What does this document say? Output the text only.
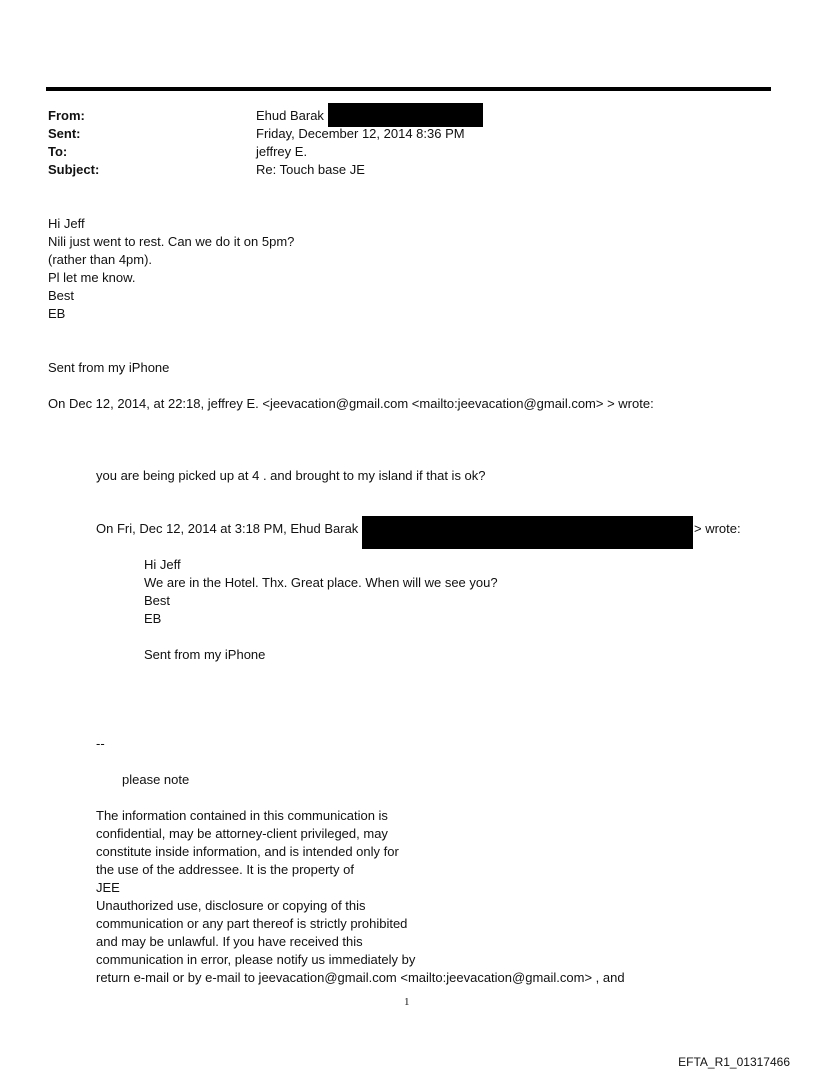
From:	Ehud Barak
Sent:	Friday, December 12, 2014 8:36 PM
To:	jeffrey E.
Subject:	Re: Touch base JE
Hi Jeff
Nili just went to rest. Can we do it on 5pm?
(rather than 4pm).
Pl let me know.
Best
EB
Sent from my iPhone
On Dec 12, 2014, at 22:18, jeffrey E. <jeevacation@gmail.com <mailto:jeevacation@gmail.com> > wrote:
you are being picked up at 4 . and brought to my island if that is ok?
On Fri, Dec 12, 2014 at 3:18 PM, Ehud Barak	> wrote:
Hi Jeff
We are in the Hotel. Thx. Great place. When will we see you?
Best
EB
Sent from my iPhone
--
please note
The information contained in this communication is
confidential, may be attorney-client privileged, may
constitute inside information, and is intended only for
the use of the addressee. It is the property of
JEE
Unauthorized use, disclosure or copying of this
communication or any part thereof is strictly prohibited
and may be unlawful. If you have received this
communication in error, please notify us immediately by
return e-mail or by e-mail to jeevacation@gmail.com <mailto:jeevacation@gmail.com> , and
1
EFTA_R1_01317466
